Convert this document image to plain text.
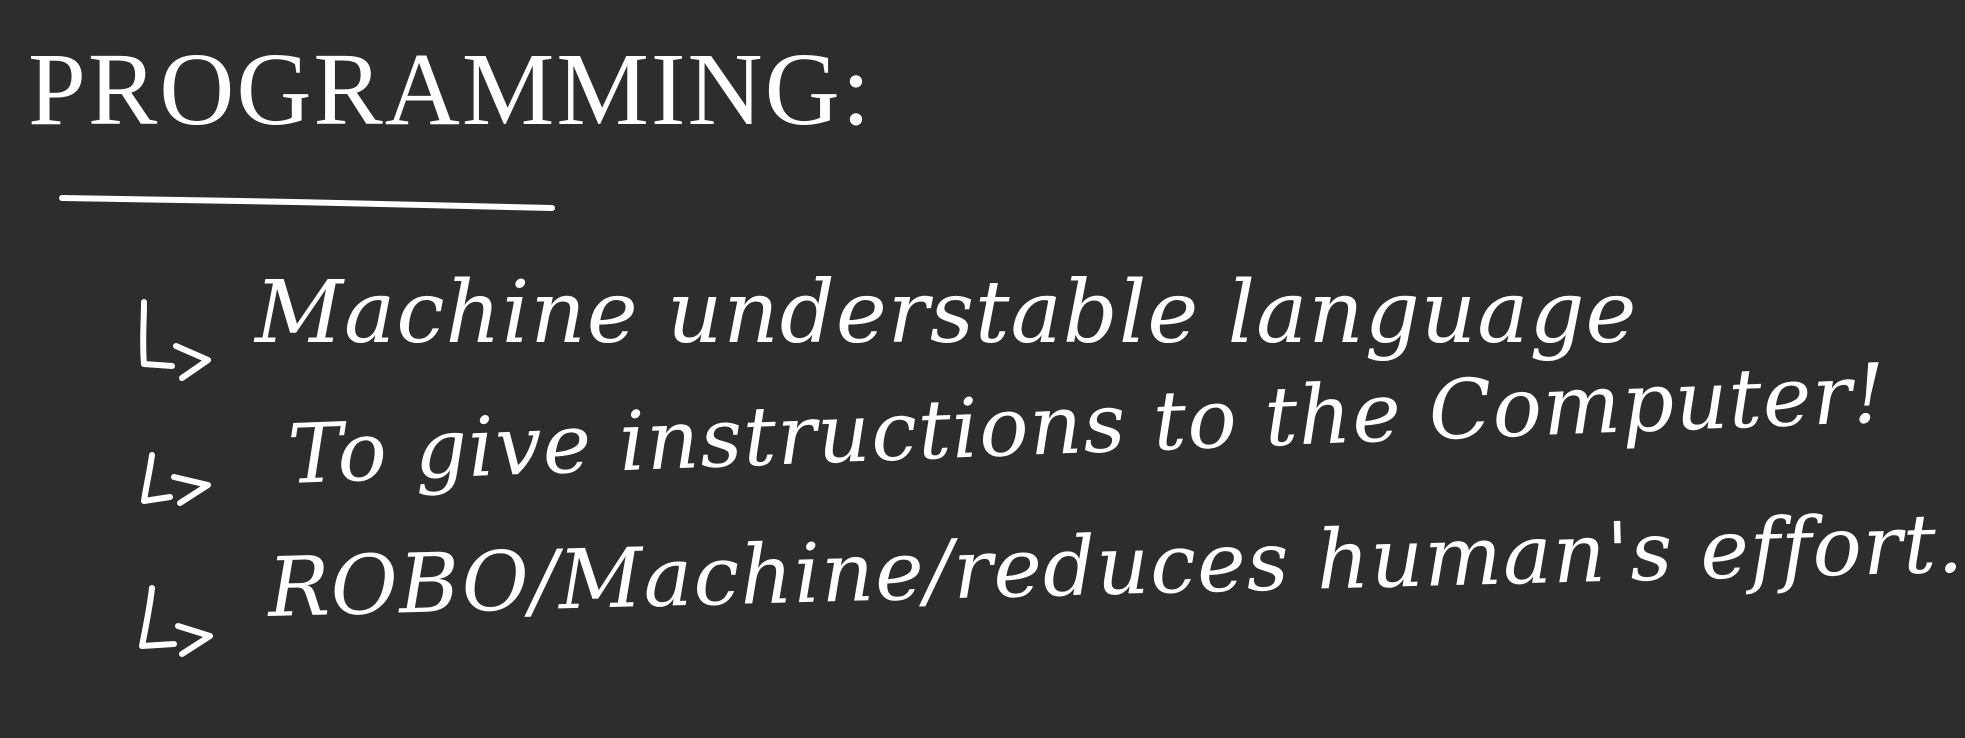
PROGRAMMING:
Machine understable language
To give instructions to the Computer!
ROBO/Machine/reduces human's effort.
